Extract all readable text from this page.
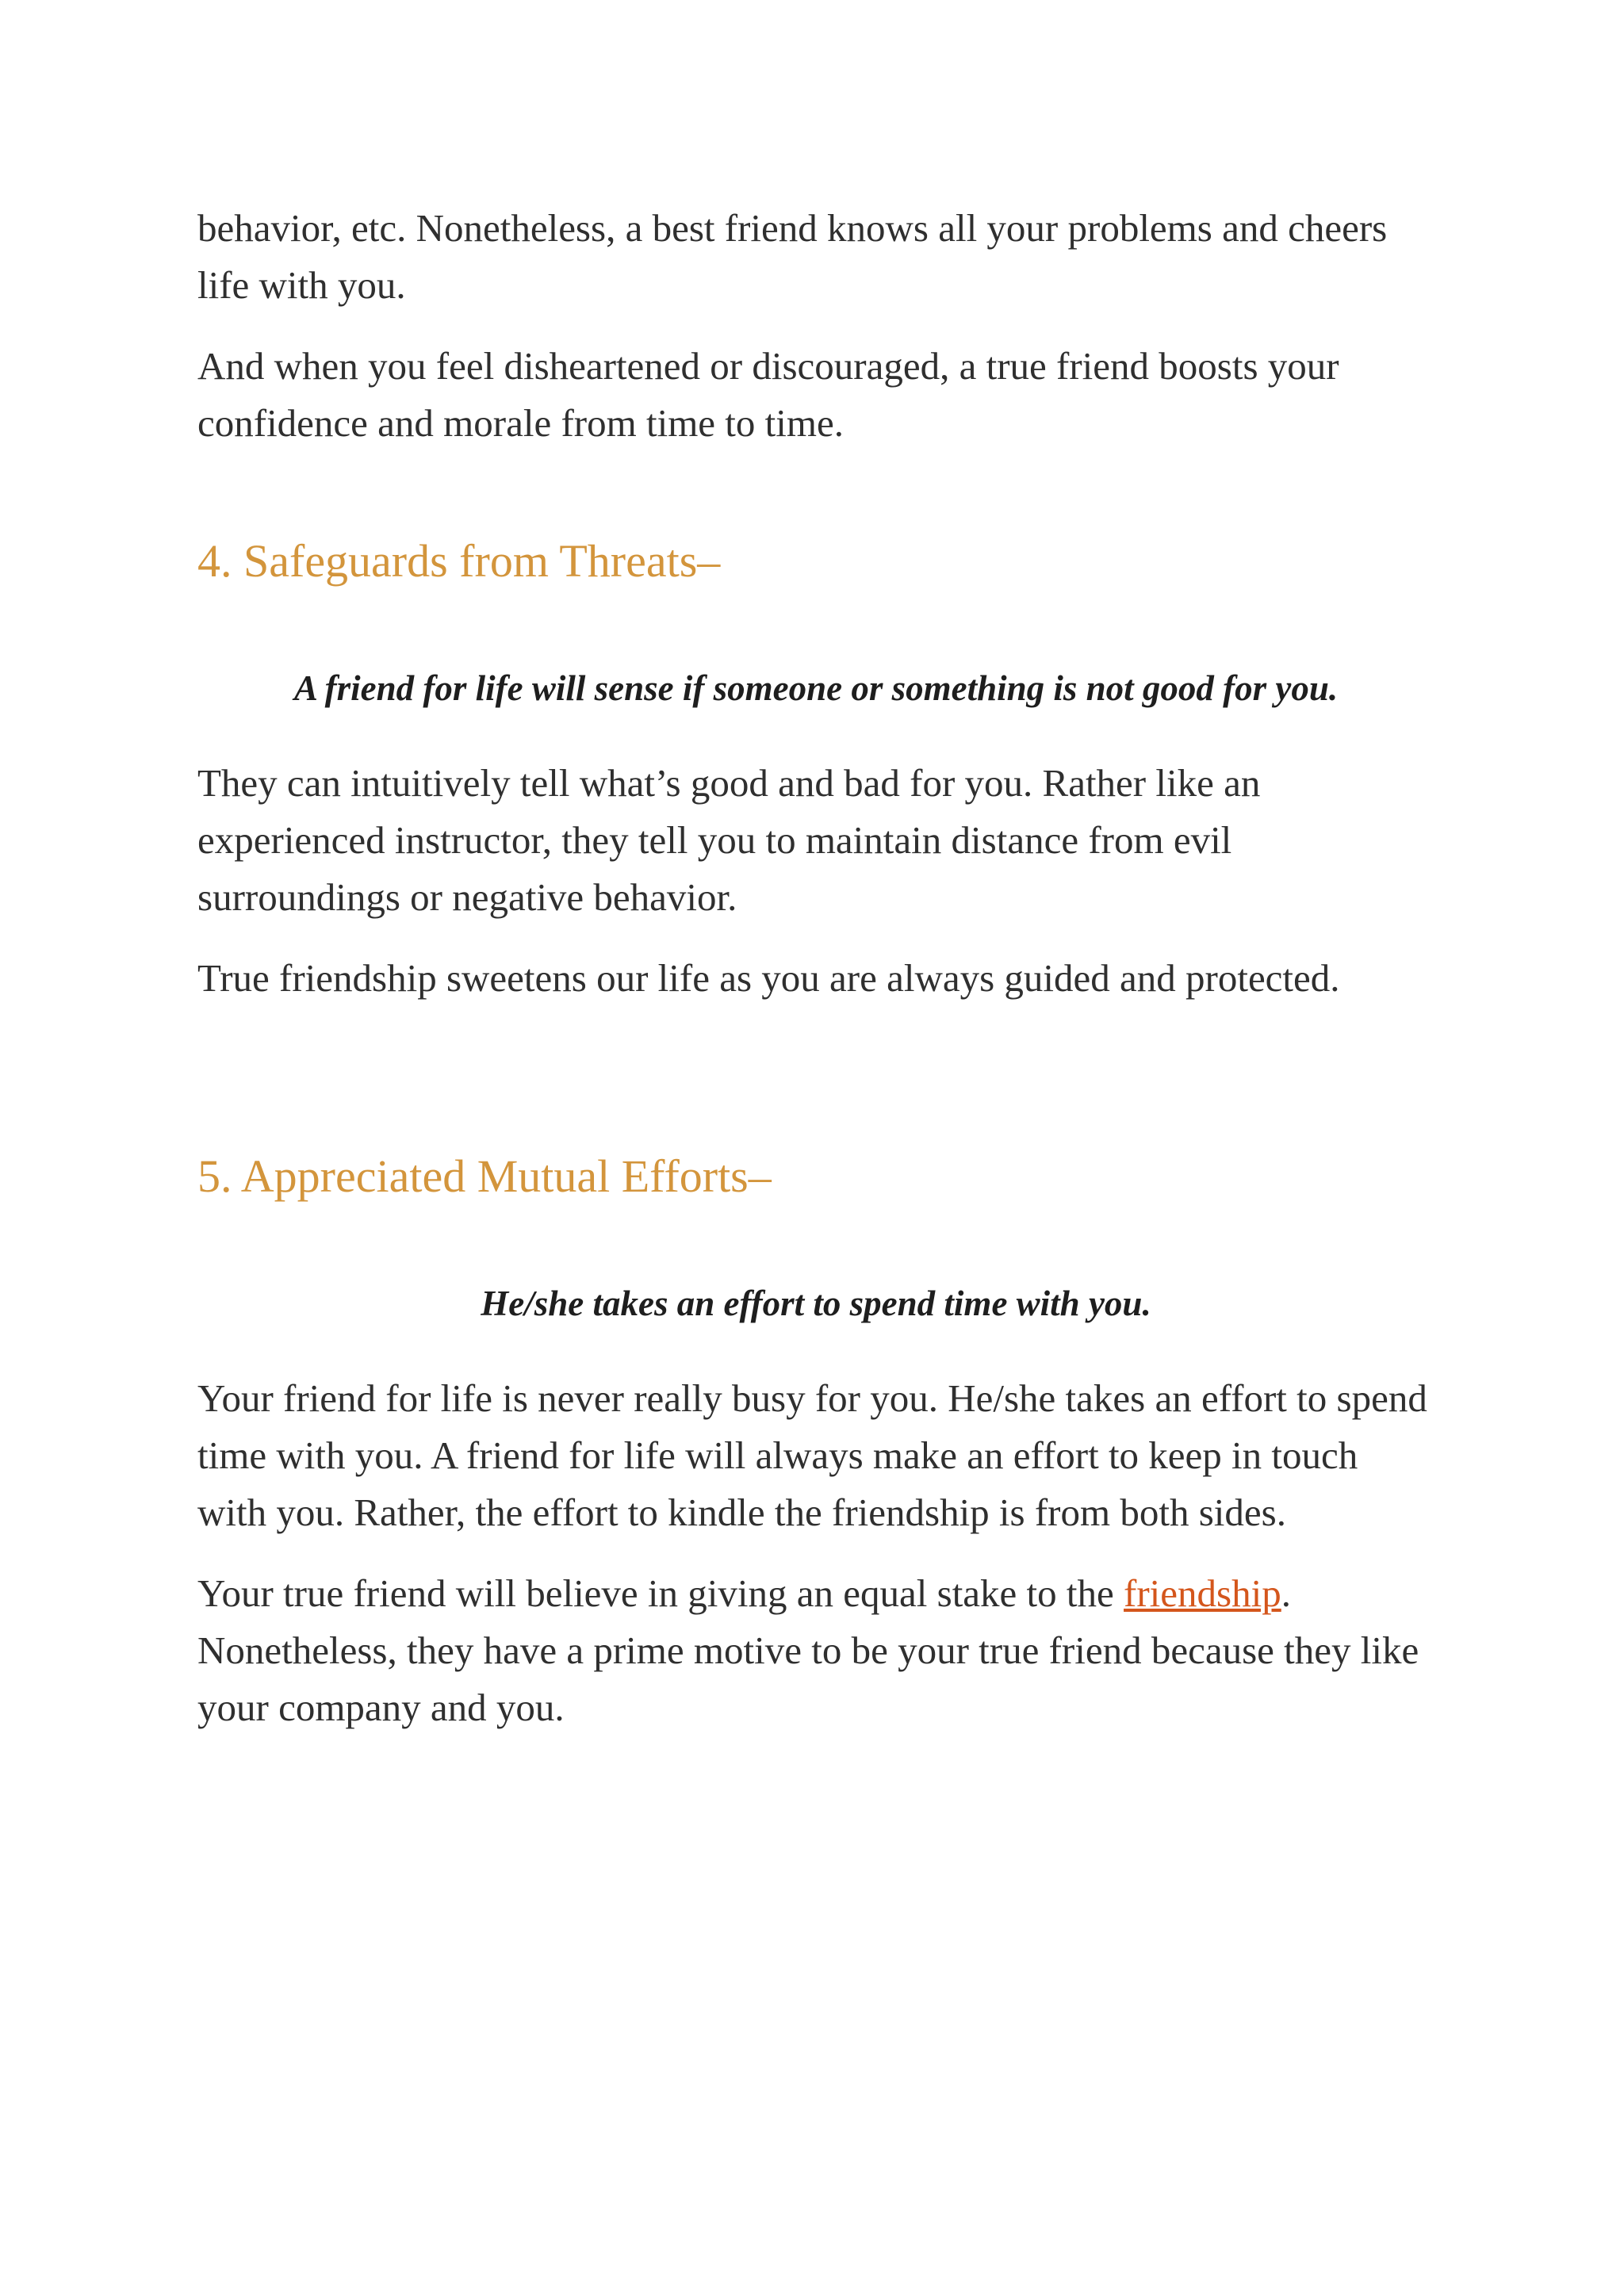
behavior, etc. Nonetheless, a best friend knows all your problems and cheers life with you.

And when you feel disheartened or discouraged, a true friend boosts your confidence and morale from time to time.

4. Safeguards from Threats–

A friend for life will sense if someone or something is not good for you.

They can intuitively tell what’s good and bad for you. Rather like an experienced instructor, they tell you to maintain distance from evil surroundings or negative behavior.

True friendship sweetens our life as you are always guided and protected.

5. Appreciated Mutual Efforts–

He/she takes an effort to spend time with you.

Your friend for life is never really busy for you. He/she takes an effort to spend time with you. A friend for life will always make an effort to keep in touch with you. Rather, the effort to kindle the friendship is from both sides.

Your true friend will believe in giving an equal stake to the friendship. Nonetheless, they have a prime motive to be your true friend because they like your company and you.
